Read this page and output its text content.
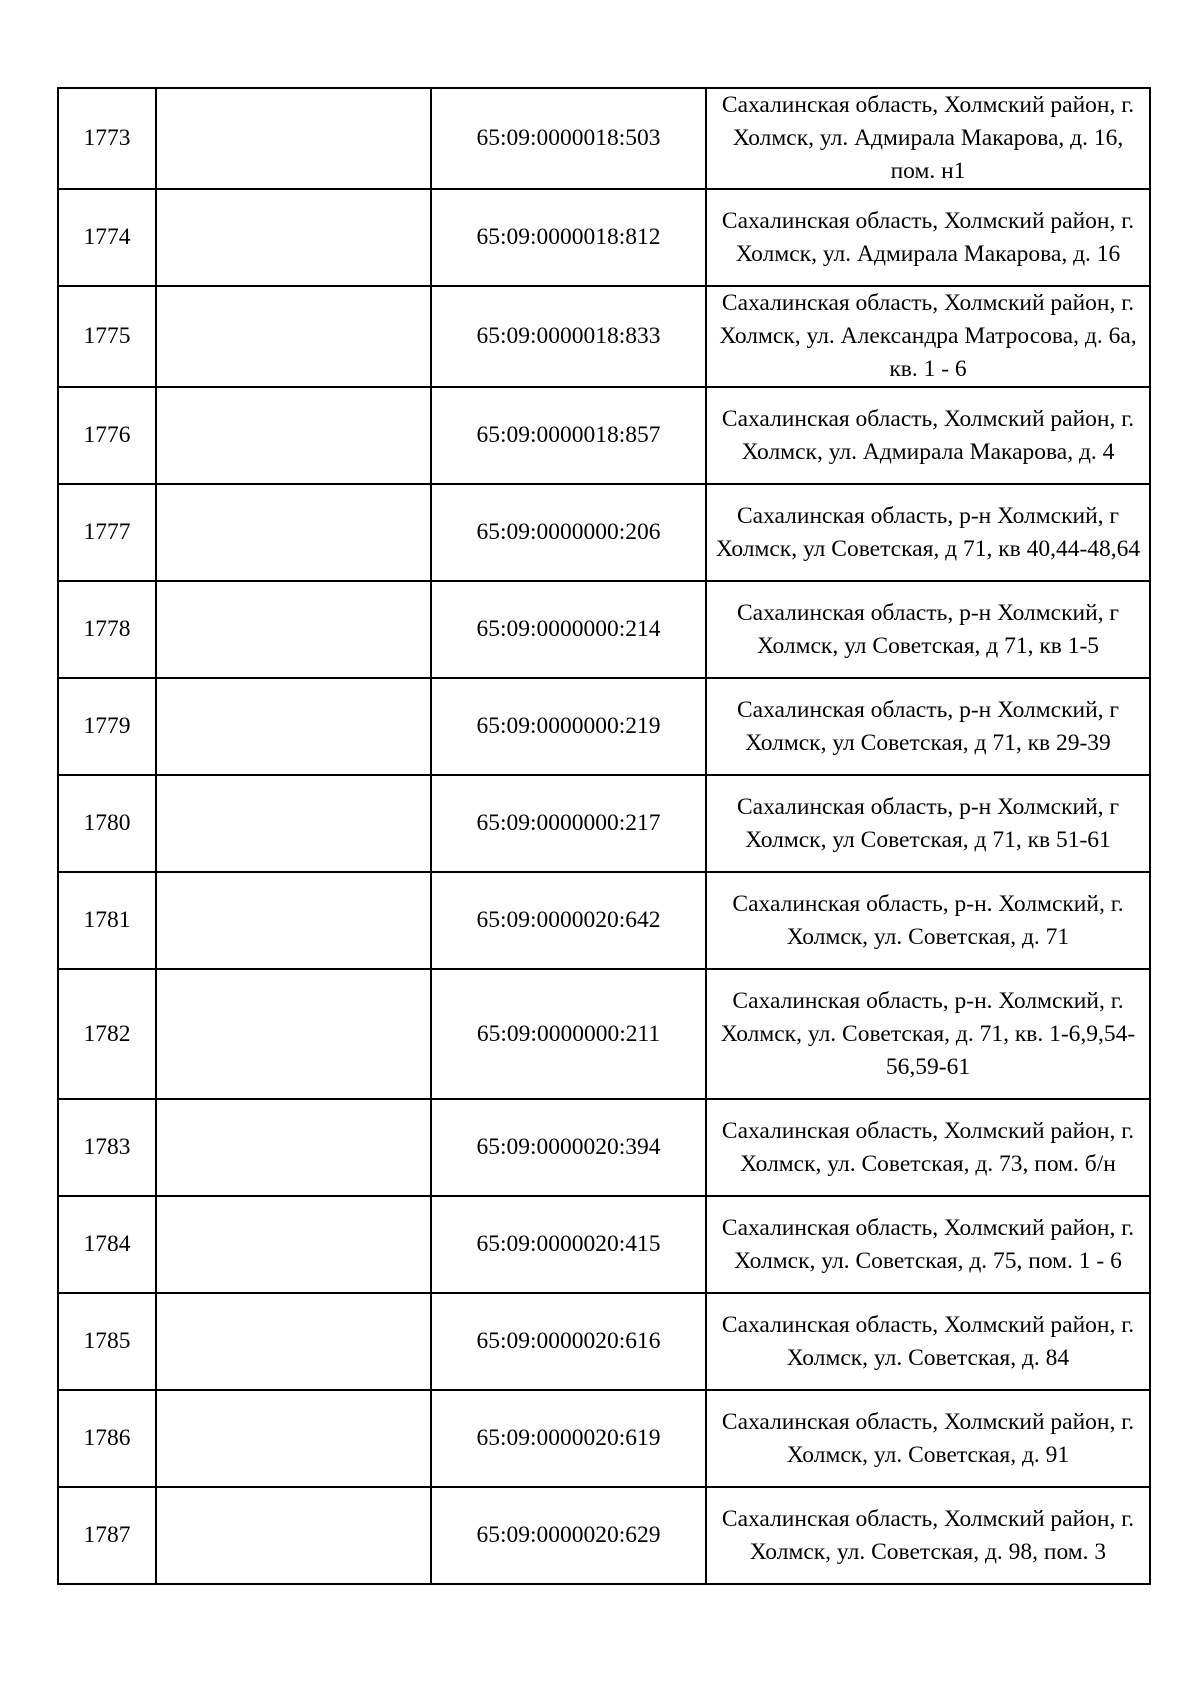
1773		65:09:0000018:503	Сахалинская область, Холмский район, г. Холмск, ул. Адмирала Макарова, д. 16, пом. н1
1774		65:09:0000018:812	Сахалинская область, Холмский район, г. Холмск, ул. Адмирала Макарова, д. 16
1775		65:09:0000018:833	Сахалинская область, Холмский район, г. Холмск, ул. Александра Матросова, д. 6а, кв. 1 - 6
1776		65:09:0000018:857	Сахалинская область, Холмский район, г. Холмск, ул. Адмирала Макарова, д. 4
1777		65:09:0000000:206	Сахалинская область, р-н Холмский, г Холмск, ул Советская, д 71, кв 40,44-48,64
1778		65:09:0000000:214	Сахалинская область, р-н Холмский, г Холмск, ул Советская, д 71, кв 1-5
1779		65:09:0000000:219	Сахалинская область, р-н Холмский, г Холмск, ул Советская, д 71, кв 29-39
1780		65:09:0000000:217	Сахалинская область, р-н Холмский, г Холмск, ул Советская, д 71, кв 51-61
1781		65:09:0000020:642	Сахалинская область, р-н. Холмский, г. Холмск, ул. Советская, д. 71
1782		65:09:0000000:211	Сахалинская область, р-н. Холмский, г. Холмск, ул. Советская, д. 71, кв. 1-6,9,54-56,59-61
1783		65:09:0000020:394	Сахалинская область, Холмский район, г. Холмск, ул. Советская, д. 73, пом. б/н
1784		65:09:0000020:415	Сахалинская область, Холмский район, г. Холмск, ул. Советская, д. 75, пом. 1 - 6
1785		65:09:0000020:616	Сахалинская область, Холмский район, г. Холмск, ул. Советская, д. 84
1786		65:09:0000020:619	Сахалинская область, Холмский район, г. Холмск, ул. Советская, д. 91
1787		65:09:0000020:629	Сахалинская область, Холмский район, г. Холмск, ул. Советская, д. 98, пом. 3
